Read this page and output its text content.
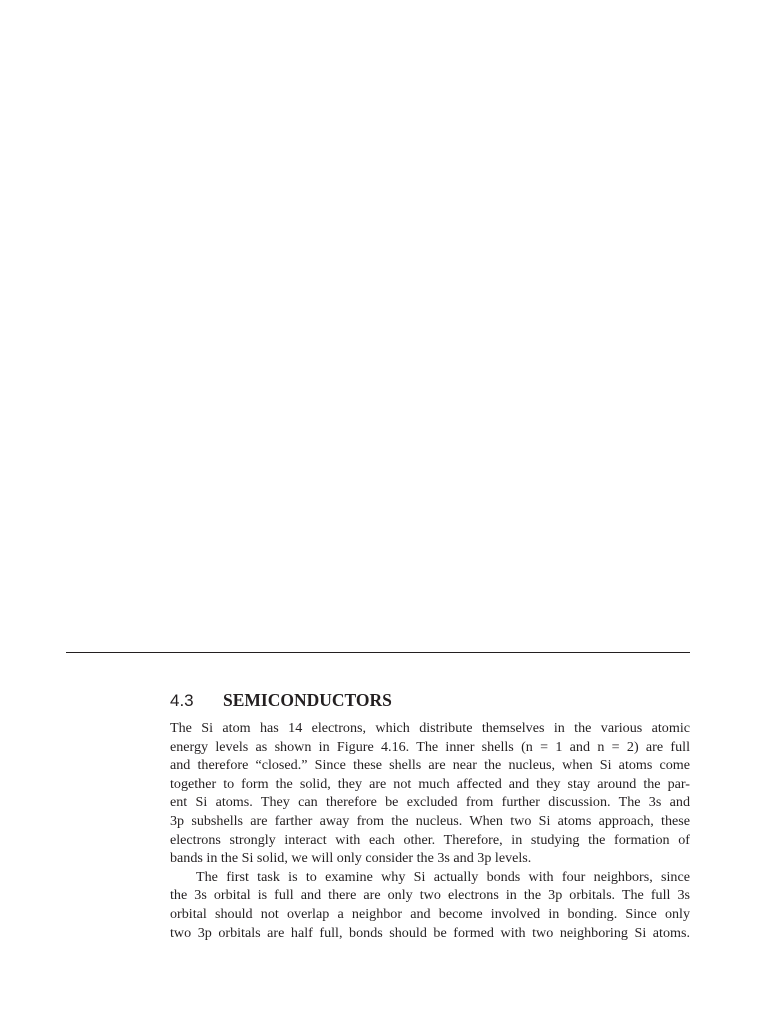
4.3 SEMICONDUCTORS
The Si atom has 14 electrons, which distribute themselves in the various atomic
energy levels as shown in Figure 4.16. The inner shells (n = 1 and n = 2) are full
and therefore “closed.” Since these shells are near the nucleus, when Si atoms come
together to form the solid, they are not much affected and they stay around the par-
ent Si atoms. They can therefore be excluded from further discussion. The 3s and
3p subshells are farther away from the nucleus. When two Si atoms approach, these
electrons strongly interact with each other. Therefore, in studying the formation of
bands in the Si solid, we will only consider the 3s and 3p levels.
The first task is to examine why Si actually bonds with four neighbors, since
the 3s orbital is full and there are only two electrons in the 3p orbitals. The full 3s
orbital should not overlap a neighbor and become involved in bonding. Since only
two 3p orbitals are half full, bonds should be formed with two neighboring Si atoms.
